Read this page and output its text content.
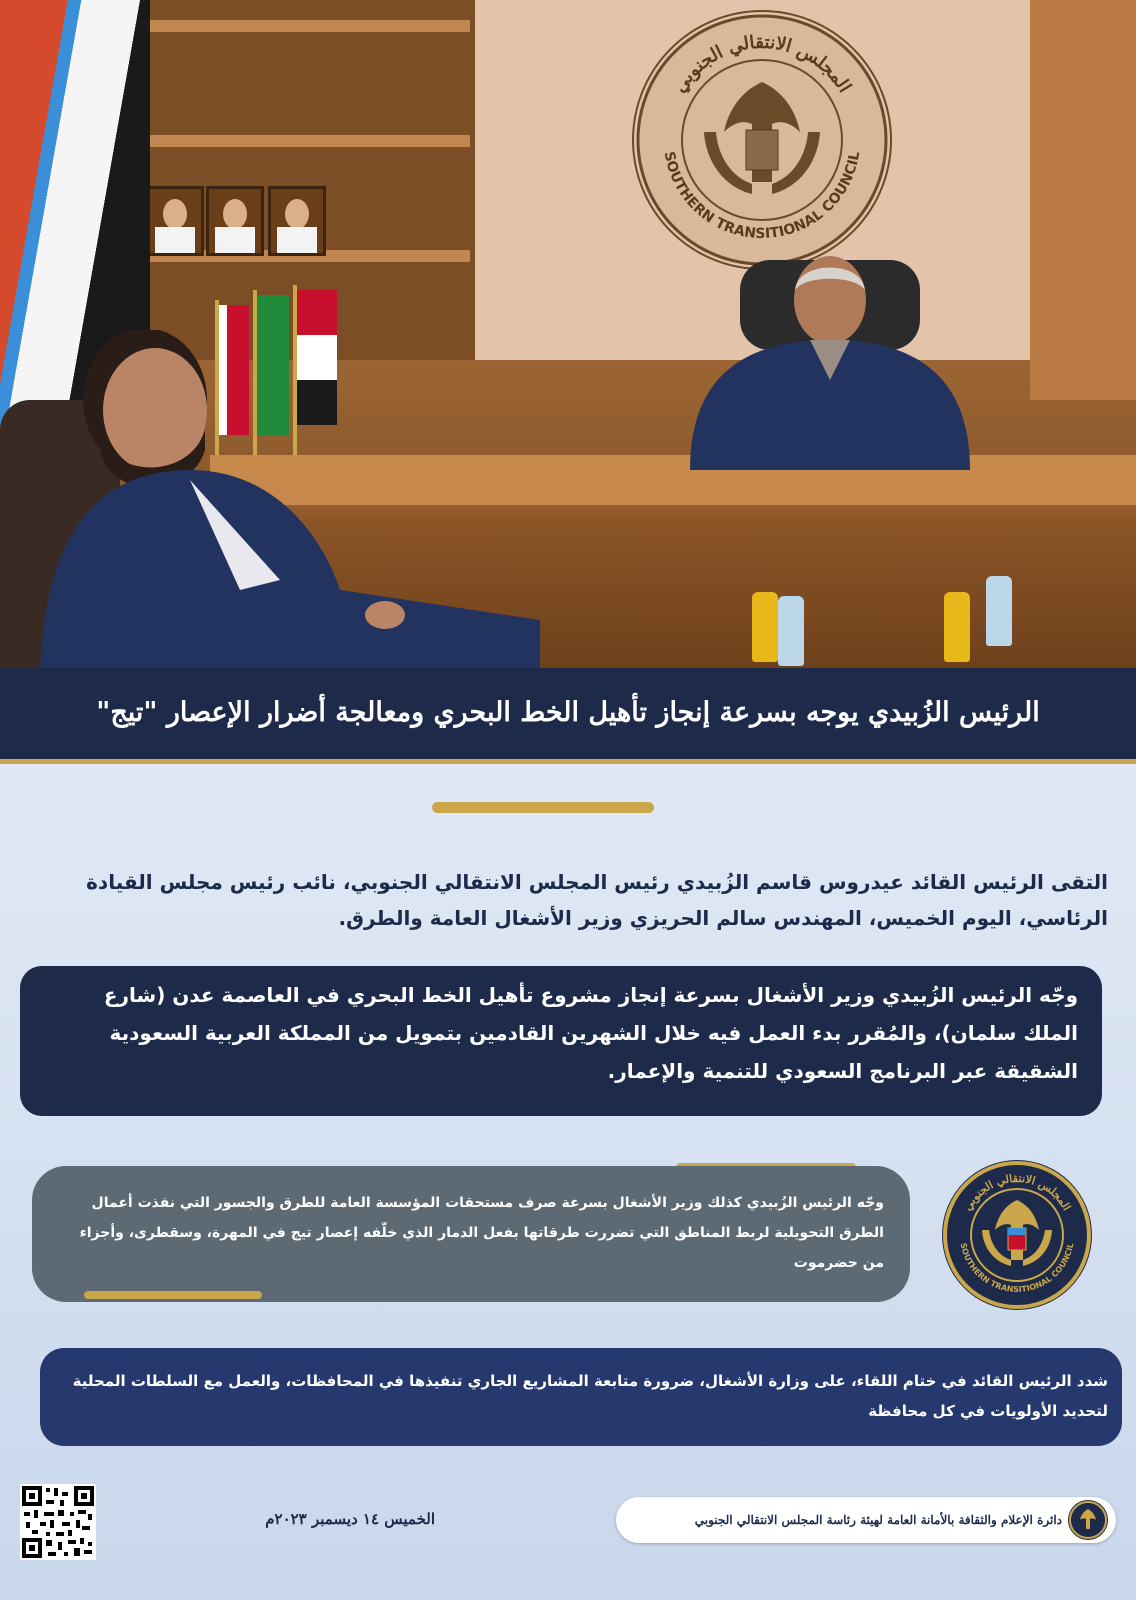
المجلس الانتقالي الجنوبي
SOUTHERN TRANSITIONAL COUNCIL
الرئيس الزُبيدي يوجه بسرعة إنجاز تأهيل الخط البحري ومعالجة أضرار الإعصار "تيج"
التقى الرئيس القائد عيدروس قاسم الزُبيدي رئيس المجلس الانتقالي الجنوبي، نائب رئيس مجلس القيادة الرئاسي، اليوم الخميس، المهندس سالم الحريزي وزير الأشغال العامة والطرق.
وجّه الرئيس الزُبيدي وزير الأشغال بسرعة إنجاز مشروع تأهيل الخط البحري في العاصمة عدن (شارع الملك سلمان)، والمُقرر بدء العمل فيه خلال الشهرين القادمين بتمويل من المملكة العربية السعودية الشقيقة عبر البرنامج السعودي للتنمية والإعمار.
وجّه الرئيس الزُبيدي كذلك وزير الأشغال بسرعة صرف مستحقات المؤسسة العامة للطرق والجسور التي نفذت أعمال الطرق التحويلية لربط المناطق التي تضررت طرقاتها بفعل الدمار الذي خلّفه إعصار تيج في المهرة، وسقطرى، وأجزاء من حضرموت
المجلس الانتقالي الجنوبي
SOUTHERN TRANSITIONAL COUNCIL
شدد الرئيس القائد في ختام اللقاء، على وزارة الأشغال، ضرورة متابعة المشاريع الجاري تنفيذها في المحافظات، والعمل مع السلطات المحلية لتحديد الأولويات في كل محافظة
الخميس ١٤ ديسمبر ٢٠٢٣م	دائرة الإعلام والثقافة بالأمانة العامة لهيئة رئاسة المجلس الانتقالي الجنوبي
